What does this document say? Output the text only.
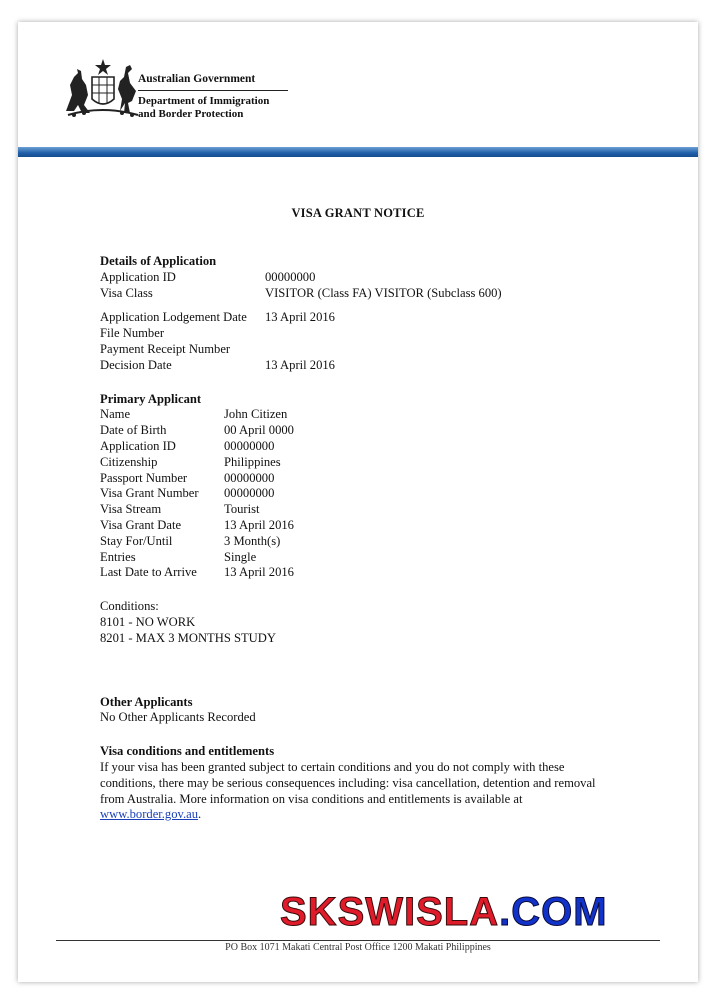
Australian Government
Department of Immigration
and Border Protection
VISA GRANT NOTICE
Details of Application
Application ID	00000000
Visa Class	VISITOR (Class FA) VISITOR (Subclass 600)
Application Lodgement Date	13 April 2016
File Number
Payment Receipt Number
Decision Date	13 April 2016
Primary Applicant
Name	John Citizen
Date of Birth	00 April 0000
Application ID	00000000
Citizenship	Philippines
Passport Number	00000000
Visa Grant Number	00000000
Visa Stream	Tourist
Visa Grant Date	13 April 2016
Stay For/Until	3 Month(s)
Entries	Single
Last Date to Arrive	13 April 2016
Conditions:
8101 - NO WORK
8201 - MAX 3 MONTHS STUDY
Other Applicants
No Other Applicants Recorded
Visa conditions and entitlements
If your visa has been granted subject to certain conditions and you do not comply with these conditions, there may be serious consequences including: visa cancellation, detention and removal from Australia. More information on visa conditions and entitlements is available at www.border.gov.au.
PO Box 1071 Makati Central Post Office 1200 Makati Philippines
SKSWISLA.COM
